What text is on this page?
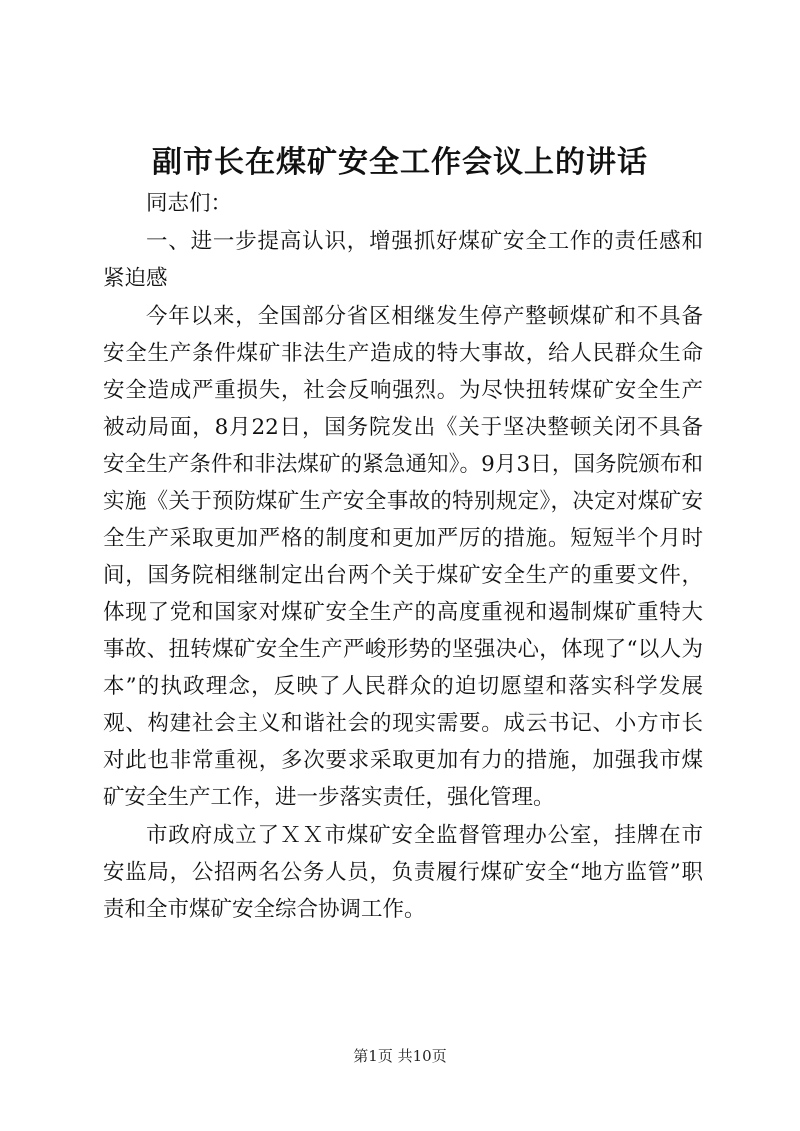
副市长在煤矿安全工作会议上的讲话

同志们：

一、进一步提高认识，增强抓好煤矿安全工作的责任感和紧迫感

今年以来，全国部分省区相继发生停产整顿煤矿和不具备安全生产条件煤矿非法生产造成的特大事故，给人民群众生命安全造成严重损失，社会反响强烈。为尽快扭转煤矿安全生产被动局面，8月22日，国务院发出《关于坚决整顿关闭不具备安全生产条件和非法煤矿的紧急通知》。9月3日，国务院颁布和实施《关于预防煤矿生产安全事故的特别规定》，决定对煤矿安全生产采取更加严格的制度和更加严厉的措施。短短半个月时间，国务院相继制定出台两个关于煤矿安全生产的重要文件，体现了党和国家对煤矿安全生产的高度重视和遏制煤矿重特大事故、扭转煤矿安全生产严峻形势的坚强决心，体现了“以人为本”的执政理念，反映了人民群众的迫切愿望和落实科学发展观、构建社会主义和谐社会的现实需要。成云书记、小方市长对此也非常重视，多次要求采取更加有力的措施，加强我市煤矿安全生产工作，进一步落实责任，强化管理。

市政府成立了ＸＸ市煤矿安全监督管理办公室，挂牌在市安监局，公招两名公务人员，负责履行煤矿安全“地方监管”职责和全市煤矿安全综合协调工作。

第1页 共10页
